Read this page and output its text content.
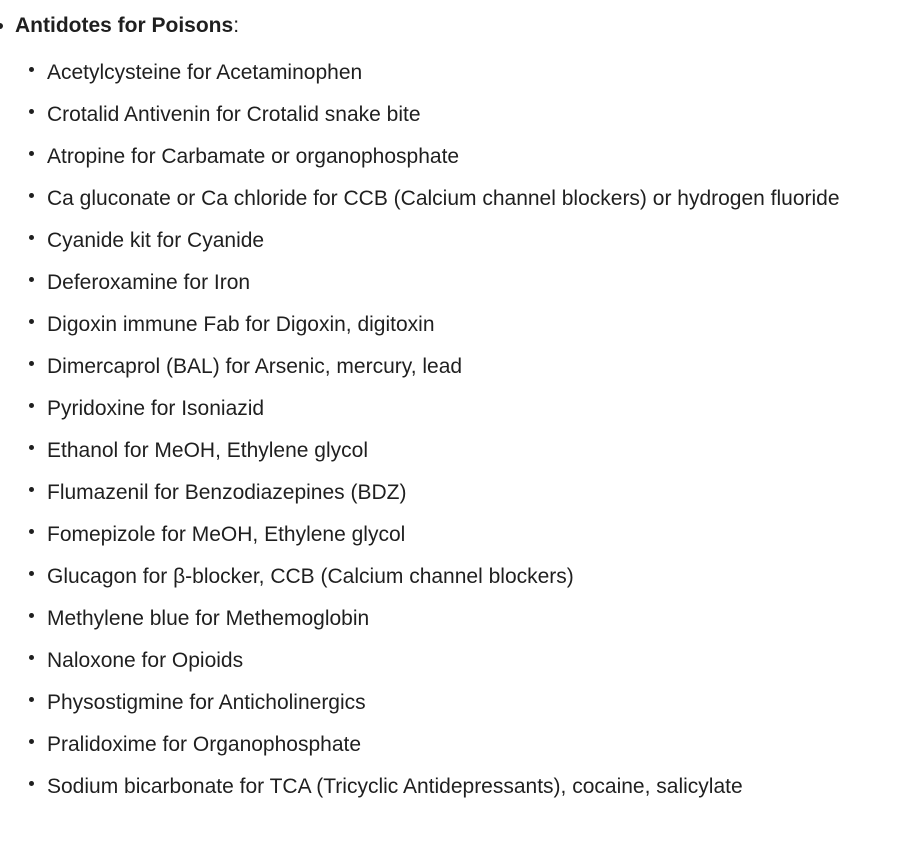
Antidotes for Poisons:
Acetylcysteine for Acetaminophen
Crotalid Antivenin for Crotalid snake bite
Atropine for Carbamate or organophosphate
Ca gluconate or Ca chloride for CCB (Calcium channel blockers) or hydrogen fluoride
Cyanide kit for Cyanide
Deferoxamine for Iron
Digoxin immune Fab for Digoxin, digitoxin
Dimercaprol (BAL) for Arsenic, mercury, lead
Pyridoxine for Isoniazid
Ethanol for MeOH, Ethylene glycol
Flumazenil for Benzodiazepines (BDZ)
Fomepizole for MeOH, Ethylene glycol
Glucagon for β-blocker, CCB (Calcium channel blockers)
Methylene blue for Methemoglobin
Naloxone for Opioids
Physostigmine for Anticholinergics
Pralidoxime for Organophosphate
Sodium bicarbonate for TCA (Tricyclic Antidepressants), cocaine, salicylate
